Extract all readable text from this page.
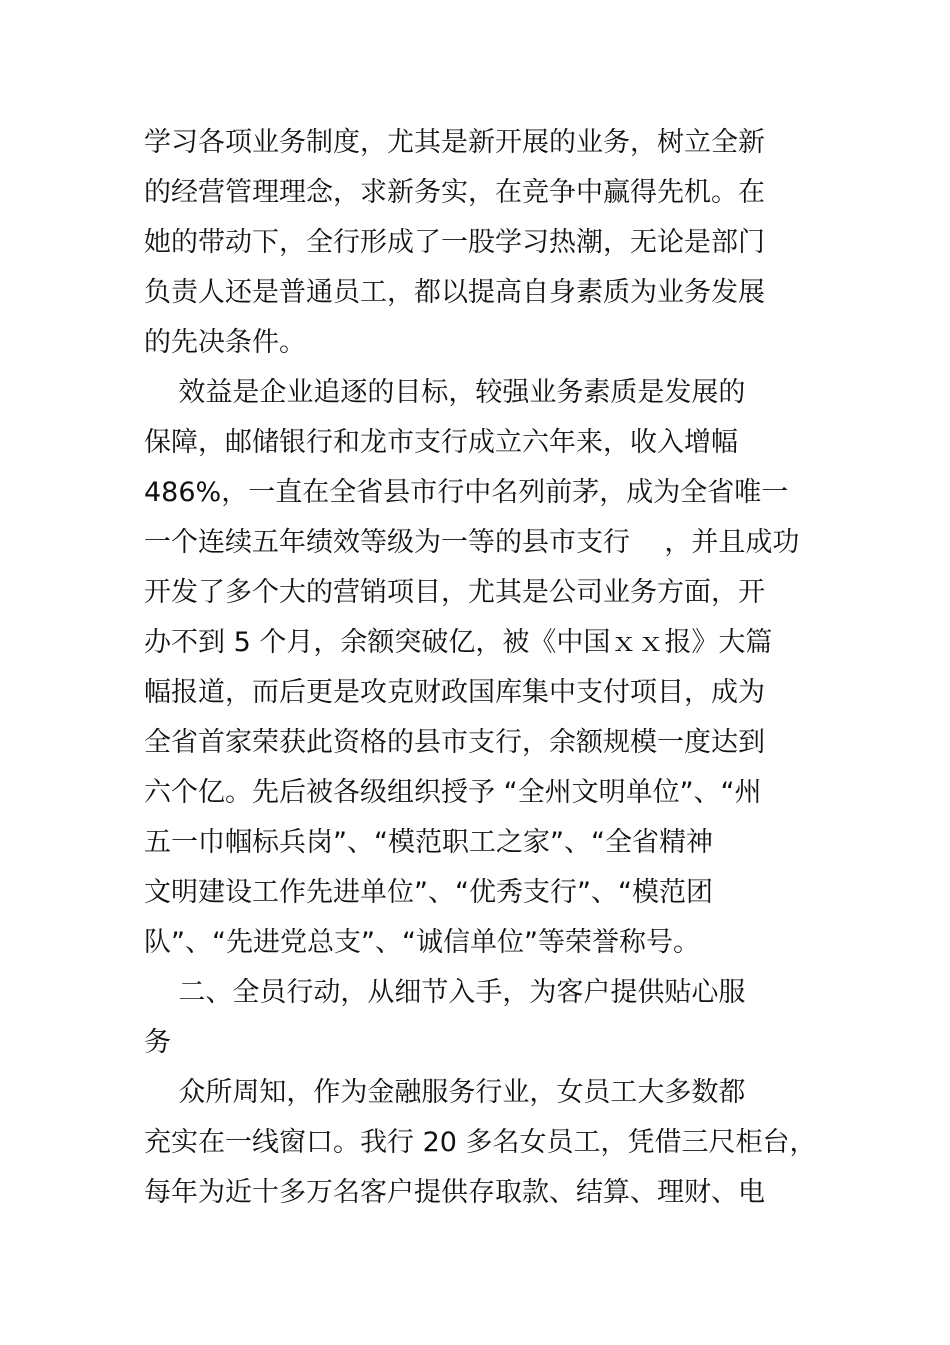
学习各项业务制度，尤其是新开展的业务，树立全新
的经营管理理念，求新务实，在竞争中赢得先机。在
她的带动下，全行形成了一股学习热潮，无论是部门
负责人还是普通员工，都以提高自身素质为业务发展
的先决条件。
效益是企业追逐的目标，较强业务素质是发展的
保障，邮储银行和龙市支行成立六年来，收入增幅
486%，一直在全省县市行中名列前茅，成为全省唯一
一个连续五年绩效等级为一等的县市支行    ，并且成功
开发了多个大的营销项目，尤其是公司业务方面，开
办不到 5 个月，余额突破亿，被《中国ｘｘ报》大篇
幅报道，而后更是攻克财政国库集中支付项目，成为
全省首家荣获此资格的县市支行，余额规模一度达到
六个亿。先后被各级组织授予 “全州文明单位”、“州
五一巾帼标兵岗”、“模范职工之家”、“全省精神
文明建设工作先进单位”、“优秀支行”、“模范团
队”、“先进党总支”、“诚信单位”等荣誉称号。
二、全员行动，从细节入手，为客户提供贴心服
务
众所周知，作为金融服务行业，女员工大多数都
充实在一线窗口。我行 20 多名女员工，凭借三尺柜台，
每年为近十多万名客户提供存取款、结算、理财、电
